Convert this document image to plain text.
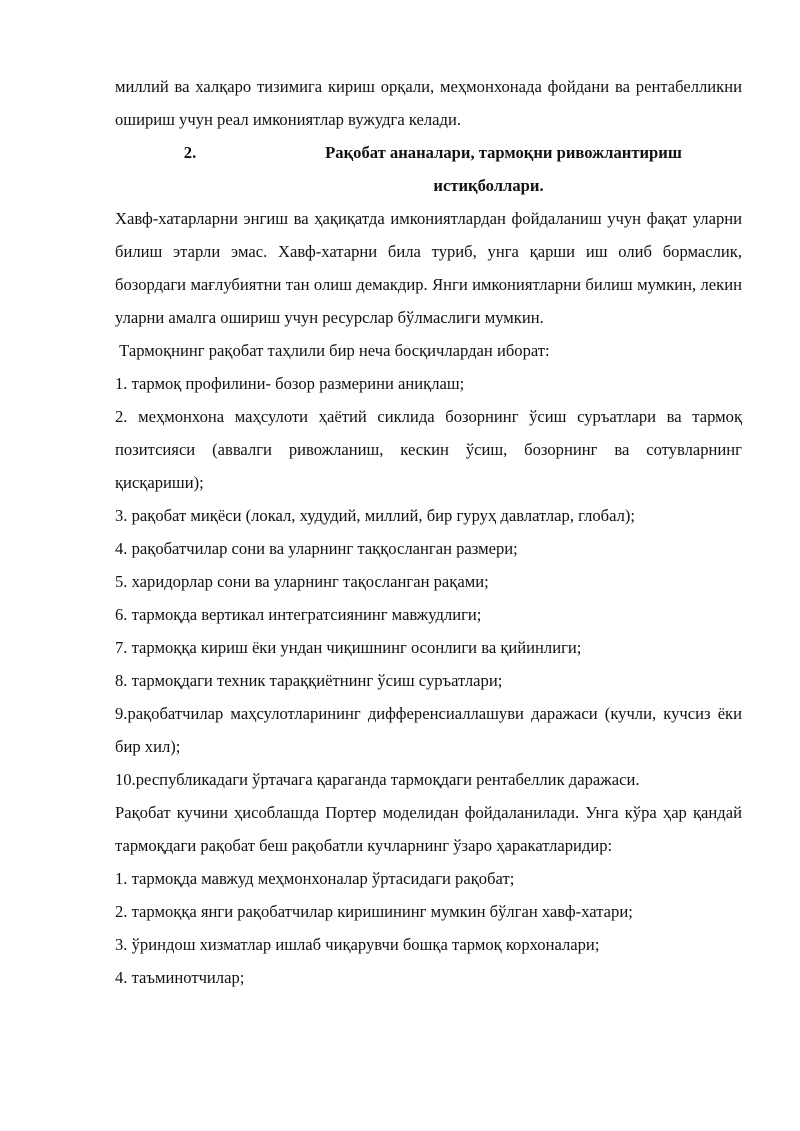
миллий ва халқаро тизимига кириш орқали, меҳмонхонада фойдани ва рентабелликни ошириш учун реал имкониятлар вужудга келади.

2.	Рақобат ананалари, тармоқни ривожлантириш
истиқболлари.

Хавф-хатарларни энгиш ва ҳақиқатда имкониятлардан фойдаланиш учун фақат уларни билиш этарли эмас. Хавф-хатарни била туриб, унга қарши иш олиб бормаслик, бозордаги мағлубиятни тан олиш демакдир. Янги имкониятларни билиш мумкин, лекин уларни амалга ошириш учун ресурслар бўлмаслиги мумкин.

Тармоқнинг рақобат таҳлили бир неча босқичлардан иборат:

1. тармоқ профилини- бозор размерини аниқлаш;

2. меҳмонхона маҳсулоти ҳаётий сиклида бозорнинг ўсиш суръатлари ва тармоқ позитсияси (аввалги ривожланиш, кескин ўсиш, бозорнинг ва сотувларнинг қисқариши);

3. рақобат миқёси (локал, худудий, миллий, бир гуруҳ давлатлар, глобал);

4. рақобатчилар сони ва уларнинг таққосланган размери;

5. харидорлар сони ва уларнинг тақосланган рақами;

6. тармоқда вертикал интегратсиянинг мавжудлиги;

7. тармоққа кириш ёки ундан чиқишнинг осонлиги ва қийинлиги;

8. тармоқдаги техник тараққиётнинг ўсиш суръатлари;

9.рақобатчилар маҳсулотларининг дифференсиаллашуви даражаси (кучли, кучсиз ёки бир хил);

10.республикадаги ўртачага қараганда тармоқдаги рентабеллик даражаси.

Рақобат кучини ҳисоблашда Портер моделидан фойдаланилади. Унга кўра ҳар қандай тармоқдаги рақобат беш рақобатли кучларнинг ўзаро ҳаракатларидир:

1. тармоқда мавжуд меҳмонхоналар ўртасидаги рақобат;

2. тармоққа янги рақобатчилар киришининг мумкин бўлган хавф-хатари;

3. ўриндош хизматлар ишлаб чиқарувчи бошқа тармоқ корхоналари;

4. таъминотчилар;
